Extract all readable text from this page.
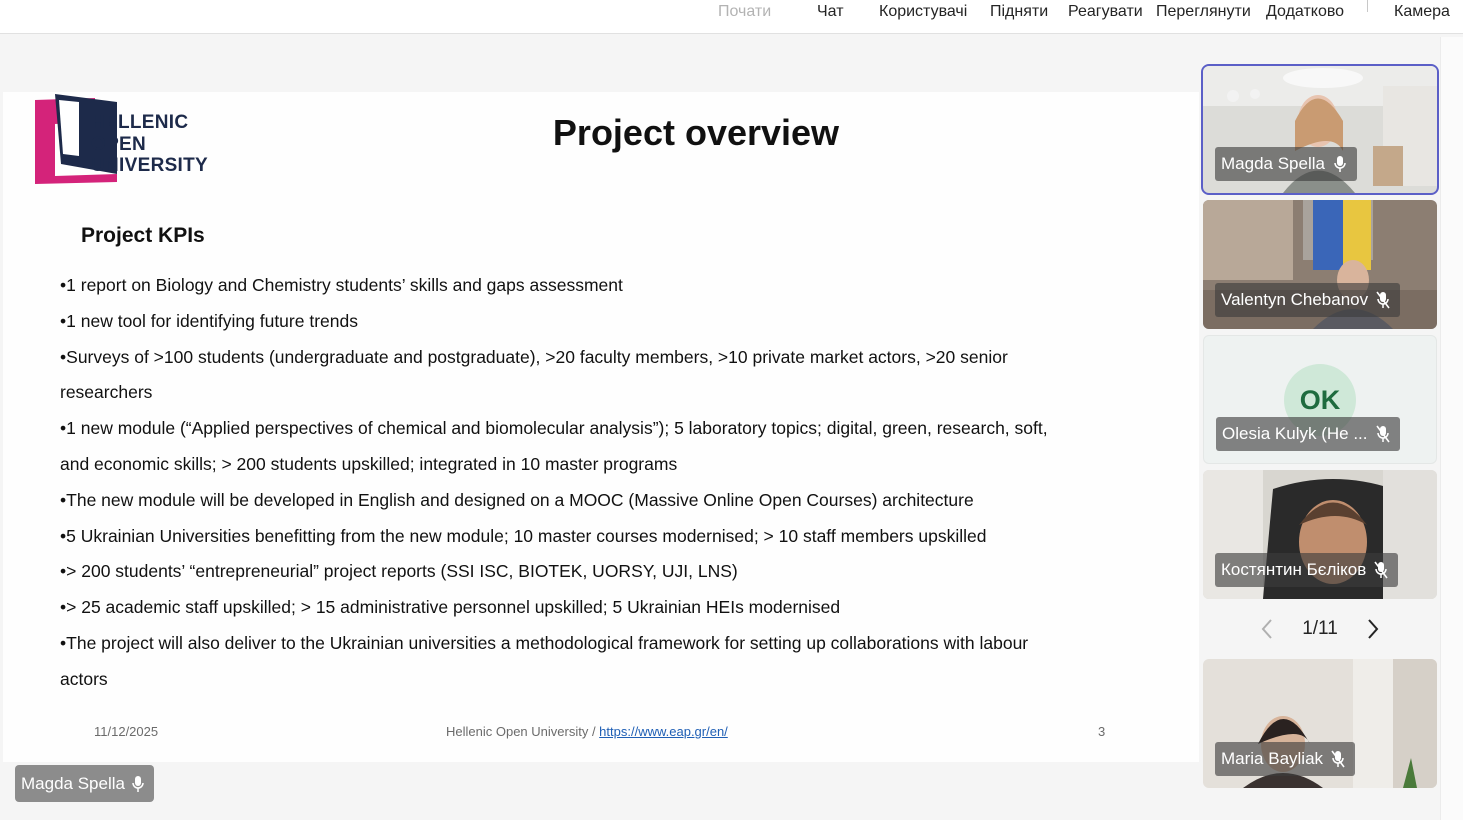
Почати	Чат Користувачі Підняти Реагувати Переглянути Додатково	Камера
HELLENIC
OPEN
UNIVERSITY
Project overview
Project KPIs
• 1 report on Biology and Chemistry students’ skills and gaps assessment
• 1 new tool for identifying future trends
• Surveys of >100 students (undergraduate and postgraduate), >20 faculty members, >10 private market actors, >20 senior researchers
• 1 new module (“Applied perspectives of chemical and biomolecular analysis”); 5 laboratory topics; digital, green, research, soft, and economic skills; > 200 students upskilled; integrated in 10 master programs
• The new module will be developed in English and designed on a MOOC (Massive Online Open Courses) architecture
• 5 Ukrainian Universities benefitting from the new module; 10 master courses modernised; > 10 staff members upskilled
• > 200 students’ “entrepreneurial” project reports (SSI ISC, BIOTEK, UORSY, UJI, LNS)
• > 25 academic staff upskilled; > 15 administrative personnel upskilled; 5 Ukrainian HEIs modernised
• The project will also deliver to the Ukrainian universities a methodological framework for setting up collaborations with labour actors
11/12/2025	Hellenic Open University / https://www.eap.gr/en/	3
Magda Spella
Magda Spella
Valentyn Chebanov
OK
Olesia Kulyk (Не ...
Костянтин Бєліков
1/11
Maria Bayliak
